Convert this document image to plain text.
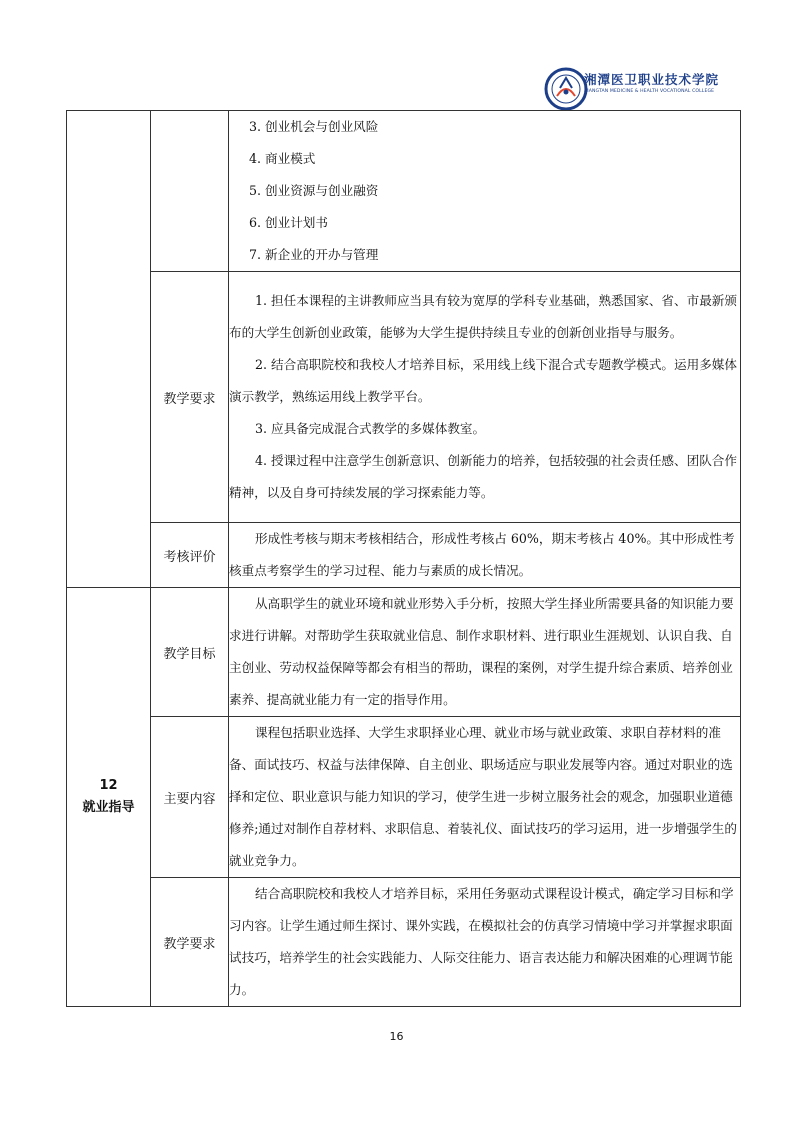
湘潭医卫职业技术学院
XIANGTAN MEDICINE & HEALTH VOCATIONAL COLLEGE

		3. 创业机会与创业风险

4. 商业模式

5. 创业资源与创业融资

6. 创业计划书

7. 新企业的开办与管理

	教学要求	1. 担任本课程的主讲教师应当具有较为宽厚的学科专业基础，熟悉国家、省、市最新颁布的大学生创新创业政策，能够为大学生提供持续且专业的创新创业指导与服务。

2. 结合高职院校和我校人才培养目标，采用线上线下混合式专题教学模式。运用多媒体演示教学，熟练运用线上教学平台。

3. 应具备完成混合式教学的多媒体教室。

4. 授课过程中注意学生创新意识、创新能力的培养，包括较强的社会责任感、团队合作精神，以及自身可持续发展的学习探索能力等。

	考核评价	形成性考核与期末考核相结合，形成性考核占 60%，期末考核占 40%。其中形成性考核重点考察学生的学习过程、能力与素质的成长情况。

12
就业指导	教学目标	从高职学生的就业环境和就业形势入手分析，按照大学生择业所需要具备的知识能力要求进行讲解。对帮助学生获取就业信息、制作求职材料、进行职业生涯规划、认识自我、自主创业、劳动权益保障等都会有相当的帮助，课程的案例，对学生提升综合素质、培养创业素养、提高就业能力有一定的指导作用。

	主要内容	课程包括职业选择、大学生求职择业心理、就业市场与就业政策、求职自荐材料的准备、面试技巧、权益与法律保障、自主创业、职场适应与职业发展等内容。通过对职业的选择和定位、职业意识与能力知识的学习，使学生进一步树立服务社会的观念，加强职业道德修养;通过对制作自荐材料、求职信息、着装礼仪、面试技巧的学习运用，进一步增强学生的就业竞争力。

	教学要求	结合高职院校和我校人才培养目标，采用任务驱动式课程设计模式，确定学习目标和学习内容。让学生通过师生探讨、课外实践，在模拟社会的仿真学习情境中学习并掌握求职面试技巧，培养学生的社会实践能力、人际交往能力、语言表达能力和解决困难的心理调节能力。

16
